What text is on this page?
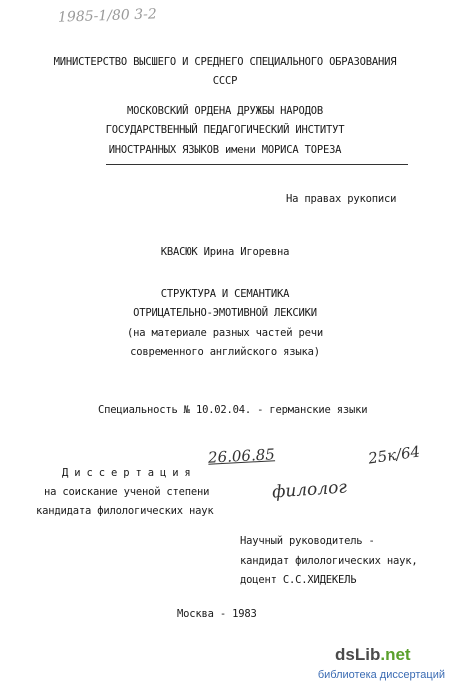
1985-1/80 3-2
МИНИСТЕРСТВО ВЫСШЕГО И СРЕДНЕГО СПЕЦИАЛЬНОГО ОБРАЗОВАНИЯ
СССР
МОСКОВСКИЙ ОРДЕНА ДРУЖБЫ НАРОДОВ
ГОСУДАРСТВЕННЫЙ ПЕДАГОГИЧЕСКИЙ ИНСТИТУТ
ИНОСТРАННЫХ ЯЗЫКОВ имени МОРИСА ТОРЕЗА
На правах рукописи
КВАСЮК Ирина Игоревна
СТРУКТУРА И СЕМАНТИКА
ОТРИЦАТЕЛЬНО-ЭМОТИВНОЙ ЛЕКСИКИ
(на материале разных частей речи
современного английского языка)
Специальность № 10.02.04. - германские языки
Д и с с е р т а ц и я
на соискание ученой степени
кандидата филологических наук
26.06.85	25к/64
филолог
Научный руководитель -
кандидат филологических наук,
доцент С.С.ХИДЕКЕЛЬ
Москва - 1983
dsLib.net
библиотека диссертаций
